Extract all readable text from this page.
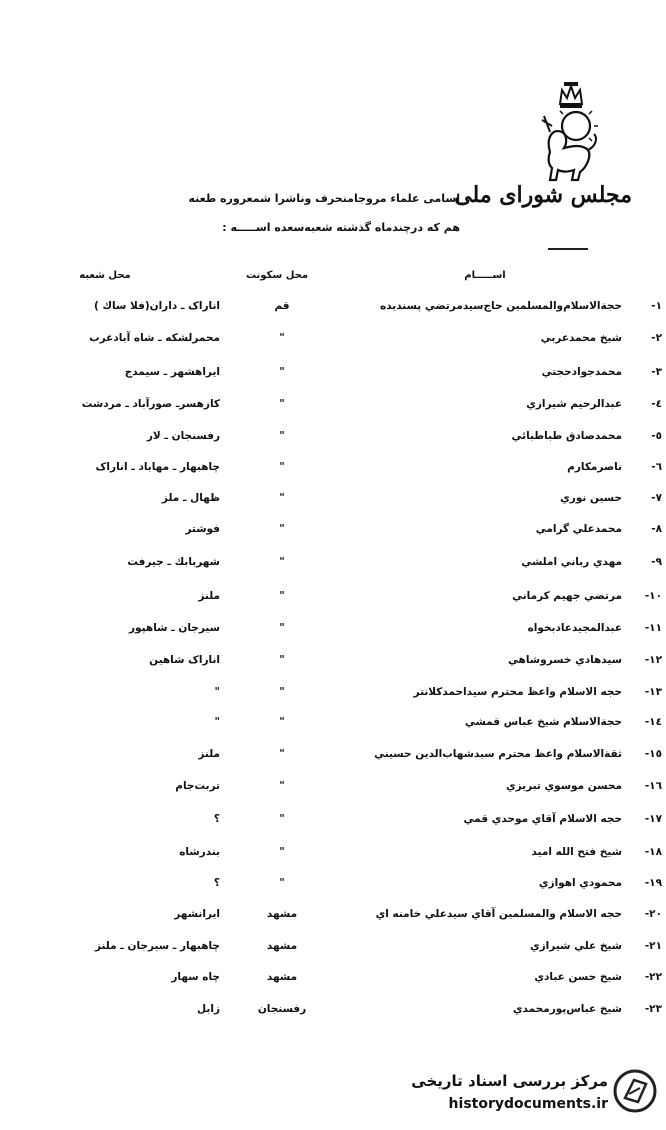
مجلس شورای ملی
اسامی علماء مروجامنحرف وناشرا شمعروره طعنه
هم كه درچندماه گذشته شعبه‌سعده اســـــه :
اســـــام
محل سكونت
محل شعبه
١-
حجةالاسلام‌والمسلمين حاج‌سيدمرتضي پسنديده
قم
اناراک ـ داران‌(فلا ساك )
٢-
شيخ محمدعربي
"
محمرلشكه ـ شاه آباد‌غرب
٣-
محمدجوادحجتي
"
ايراهشهر ـ سيمدج
٤-
عبدالرحيم شيرازي
"
كازهسرـ صورآباد ـ مردشت
٥-
محمدصادق طباطبائي
"
رفسنجان ـ لار
٦-
ناصرمكارم
"
چاهبهار ـ مهاباد ـ اناراک
٧-
حسين نوري
"
ظهال ـ ملز
٨-
محمدعلي گرامي
"
فوشتر
٩-
مهدي رباني املشي
"
شهربابك ـ جيرفت
١٠-
مرتضي جهيم كرماني
"
ملنز
١١-
عبدالمجيدعاد‌بخواه
"
سيرجان ـ شاهپور
١٢-
سيدهادي خسروشاهي
"
اناراک شاهين
١٣-
حجه الاسلام واعظ محترم سيداحمدكلانتر
"
"
١٤-
حجةالاسلام شيخ عباس قمشي
"
"
١٥-
ثقةالاسلام واعظ محترم سيدشهاب‌الدين حسيني
"
ملنز
١٦-
محسن موسوي تبريزي
"
تربت‌جام
١٧-
حجه الاسلام آقاي موحدي قمي
"
؟
١٨-
شيخ فتح الله اميد
"
بندرشاه
١٩-
محمودي اهوازي
"
؟
٢٠-
حجه الاسلام والمسلمين آقاي سيدعلي خامنه اي
مشهد
ايرانشهر
٢١-
شيخ علي شيرازي
مشهد
چاهبهار ـ سيرجان ـ ملنز
٢٢-
شيخ حسن عبادي
مشهد
چاه سهار
٢٣-
شيخ عباس‌پورمحمدي
رفسنجان
زابل
مرکز بررسی اسناد تاریخی
historydocuments.ir
